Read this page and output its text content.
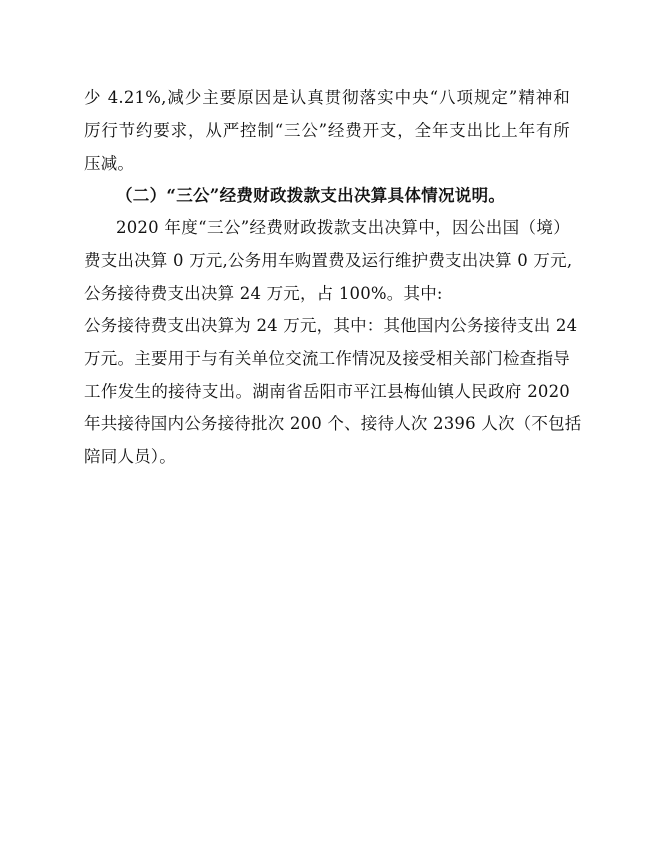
少 4.21%,减少主要原因是认真贯彻落实中央“八项规定”精神和
厉行节约要求，从严控制“三公”经费开支，全年支出比上年有所
压减。
（二）“三公”经费财政拨款支出决算具体情况说明。
2020 年度“三公”经费财政拨款支出决算中，因公出国（境）
费支出决算 0 万元,公务用车购置费及运行维护费支出决算 0 万元,
公务接待费支出决算 24 万元，占 100%。其中:
公务接待费支出决算为 24 万元，其中：其他国内公务接待支出 24
万元。主要用于与有关单位交流工作情况及接受相关部门检查指导
工作发生的接待支出。湖南省岳阳市平江县梅仙镇人民政府 2020
年共接待国内公务接待批次 200 个、接待人次 2396 人次（不包括
陪同人员）。
